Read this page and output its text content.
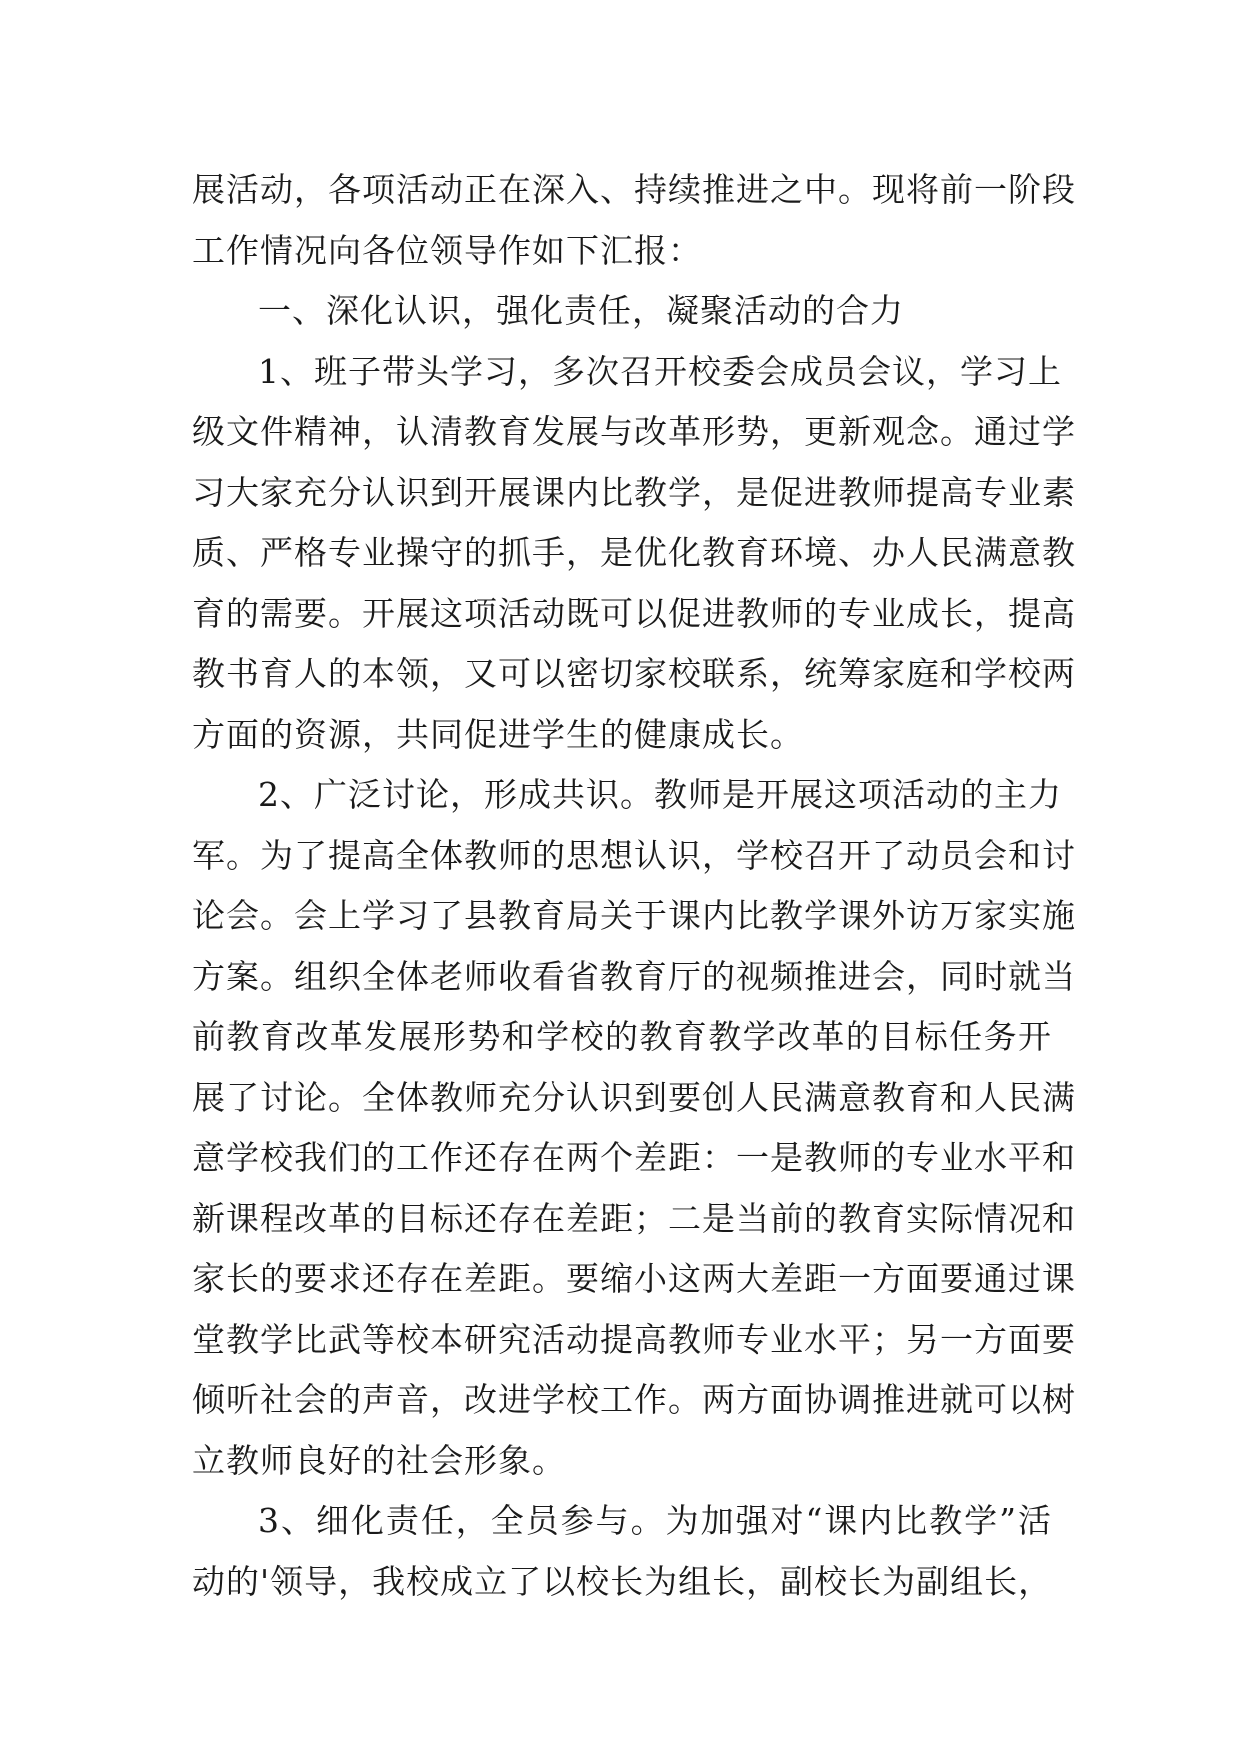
展活动，各项活动正在深入、持续推进之中。现将前一阶段
工作情况向各位领导作如下汇报：
一、深化认识，强化责任，凝聚活动的合力
1、班子带头学习，多次召开校委会成员会议，学习上
级文件精神，认清教育发展与改革形势，更新观念。通过学
习大家充分认识到开展课内比教学，是促进教师提高专业素
质、严格专业操守的抓手，是优化教育环境、办人民满意教
育的需要。开展这项活动既可以促进教师的专业成长，提高
教书育人的本领，又可以密切家校联系，统筹家庭和学校两
方面的资源，共同促进学生的健康成长。
2、广泛讨论，形成共识。教师是开展这项活动的主力
军。为了提高全体教师的思想认识，学校召开了动员会和讨
论会。会上学习了县教育局关于课内比教学课外访万家实施
方案。组织全体老师收看省教育厅的视频推进会，同时就当
前教育改革发展形势和学校的教育教学改革的目标任务开
展了讨论。全体教师充分认识到要创人民满意教育和人民满
意学校我们的工作还存在两个差距：一是教师的专业水平和
新课程改革的目标还存在差距；二是当前的教育实际情况和
家长的要求还存在差距。要缩小这两大差距一方面要通过课
堂教学比武等校本研究活动提高教师专业水平；另一方面要
倾听社会的声音，改进学校工作。两方面协调推进就可以树
立教师良好的社会形象。
3、细化责任，全员参与。为加强对“课内比教学”活
动的'领导，我校成立了以校长为组长，副校长为副组长，
